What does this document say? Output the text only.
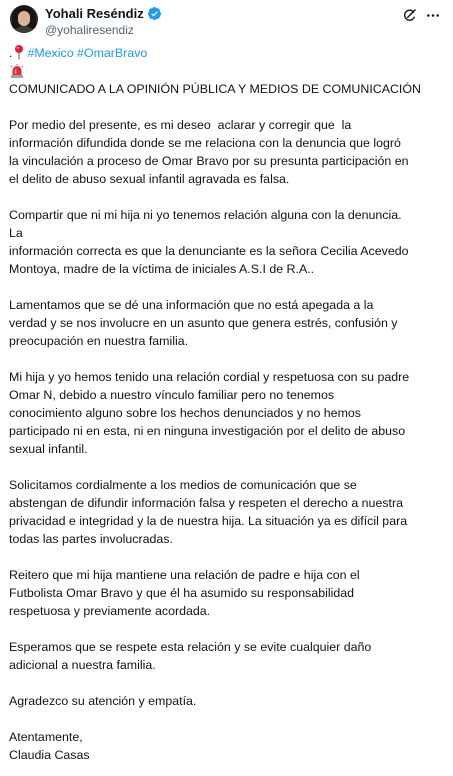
Yohali Reséndiz
@yohaliresendiz
. #Mexico #OmarBravo
COMUNICADO A LA OPINIÓN PÚBLICA Y MEDIOS DE COMUNICACIÓN
Por medio del presente, es mi deseo  aclarar y corregir que  la
información difundida donde se me relaciona con la denuncia que logró
la vinculación a proceso de Omar Bravo por su presunta participación en
el delito de abuso sexual infantil agravada es falsa.
Compartir que ni mi hija ni yo tenemos relación alguna con la denuncia.
La
información correcta es que la denunciante es la señora Cecilia Acevedo
Montoya, madre de la víctima de iniciales A.S.I de R.A..
Lamentamos que se dé una información que no está apegada a la
verdad y se nos involucre en un asunto que genera estrés, confusión y
preocupación en nuestra familia.
Mi hija y yo hemos tenido una relación cordial y respetuosa con su padre
Omar N, debido a nuestro vínculo familiar pero no tenemos
conocimiento alguno sobre los hechos denunciados y no hemos
participado ni en esta, ni en ninguna investigación por el delito de abuso
sexual infantil.
Solicitamos cordialmente a los medios de comunicación que se
abstengan de difundir información falsa y respeten el derecho a nuestra
privacidad e integridad y la de nuestra hija. La situación ya es difícil para
todas las partes involucradas.
Reitero que mi hija mantiene una relación de padre e hija con el
Futbolista Omar Bravo y que él ha asumido su responsabilidad
respetuosa y previamente acordada.
Esperamos que se respete esta relación y se evite cualquier daño
adicional a nuestra familia.
Agradezco su atención y empatía.
Atentamente,
Claudia Casas
